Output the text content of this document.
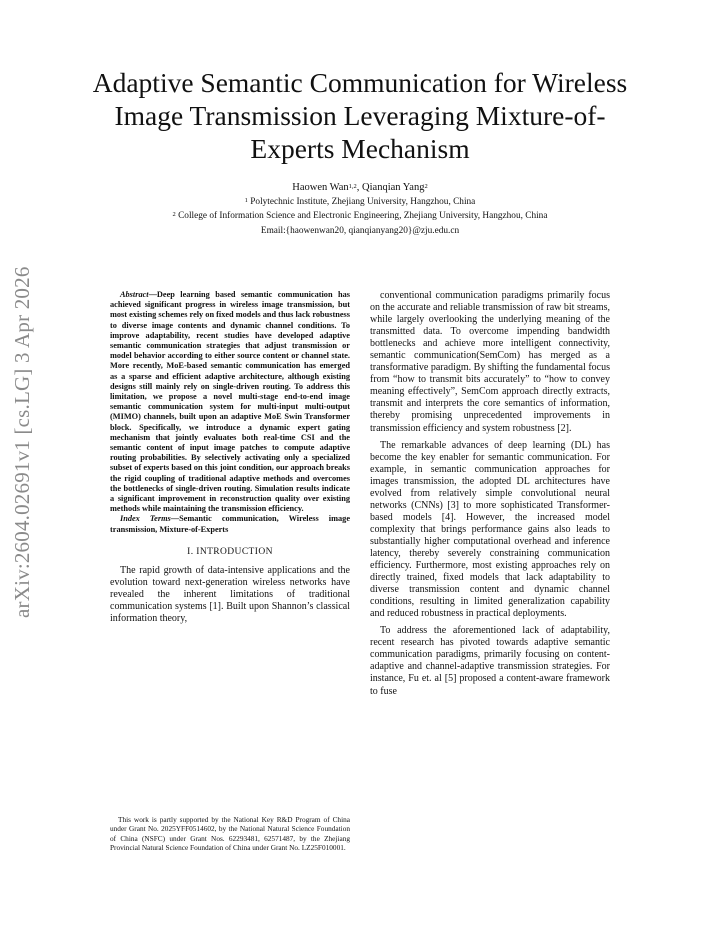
arXiv:2604.02691v1 [cs.LG] 3 Apr 2026
Adaptive Semantic Communication for Wireless Image Transmission Leveraging Mixture-of-Experts Mechanism
Haowen Wan$^{1,2}$, Qianqian Yang$^2$
$^1$ Polytechnic Institute, Zhejiang University, Hangzhou, China
$^2$ College of Information Science and Electronic Engineering, Zhejiang University, Hangzhou, China
Email:{haowenwan20, qianqianyang20}@zju.edu.cn

Abstract—Deep learning based semantic communication has achieved significant progress in wireless image transmission, but most existing schemes rely on fixed models and thus lack robustness to diverse image contents and dynamic channel conditions. To improve adaptability, recent studies have developed adaptive semantic communication strategies that adjust transmission or model behavior according to either source content or channel state. More recently, MoE-based semantic communication has emerged as a sparse and efficient adaptive architecture, although existing designs still mainly rely on single-driven routing. To address this limitation, we propose a novel multi-stage end-to-end image semantic communication system for multi-input multi-output (MIMO) channels, built upon an adaptive MoE Swin Transformer block. Specifically, we introduce a dynamic expert gating mechanism that jointly evaluates both real-time CSI and the semantic content of input image patches to compute adaptive routing probabilities. By selectively activating only a specialized subset of experts based on this joint condition, our approach breaks the rigid coupling of traditional adaptive methods and overcomes the bottlenecks of single-driven routing. Simulation results indicate a significant improvement in reconstruction quality over existing methods while maintaining the transmission efficiency.

Index Terms—Semantic communication, Wireless image transmission, Mixture-of-Experts

I. INTRODUCTION

The rapid growth of data-intensive applications and the evolution toward next-generation wireless networks have revealed the inherent limitations of traditional communication systems [1]. Built upon Shannon’s classical information theory,

This work is partly supported by the National Key R&D Program of China under Grant No. 2025YFF0514602, by the National Natural Science Foundation of China (NSFC) under Grant Nos. 62293481, 62571487, by the Zhejiang Provincial Natural Science Foundation of China under Grant No. LZ25F010001.

conventional communication paradigms primarily focus on the accurate and reliable transmission of raw bit streams, while largely overlooking the underlying meaning of the transmitted data. To overcome impending bandwidth bottlenecks and achieve more intelligent connectivity, semantic communication(SemCom) has merged as a transformative paradigm. By shifting the fundamental focus from “how to transmit bits accurately” to “how to convey meaning effectively”, SemCom approach directly extracts, transmit and interprets the core semantics of information, thereby promising unprecedented improvements in transmission efficiency and system robustness [2].

The remarkable advances of deep learning (DL) has become the key enabler for semantic communication. For example, in semantic communication approaches for images transmission, the adopted DL architectures have evolved from relatively simple convolutional neural networks (CNNs) [3] to more sophisticated Transformer-based models [4]. However, the increased model complexity that brings performance gains also leads to substantially higher computational overhead and inference latency, thereby severely constraining communication efficiency. Furthermore, most existing approaches rely on directly trained, fixed models that lack adaptability to diverse transmission content and dynamic channel conditions, resulting in limited generalization capability and reduced robustness in practical deployments.

To address the aforementioned lack of adaptability, recent research has pivoted towards adaptive semantic communication paradigms, primarily focusing on content-adaptive and channel-adaptive transmission strategies. For instance, Fu et. al [5] proposed a content-aware framework to fuse
